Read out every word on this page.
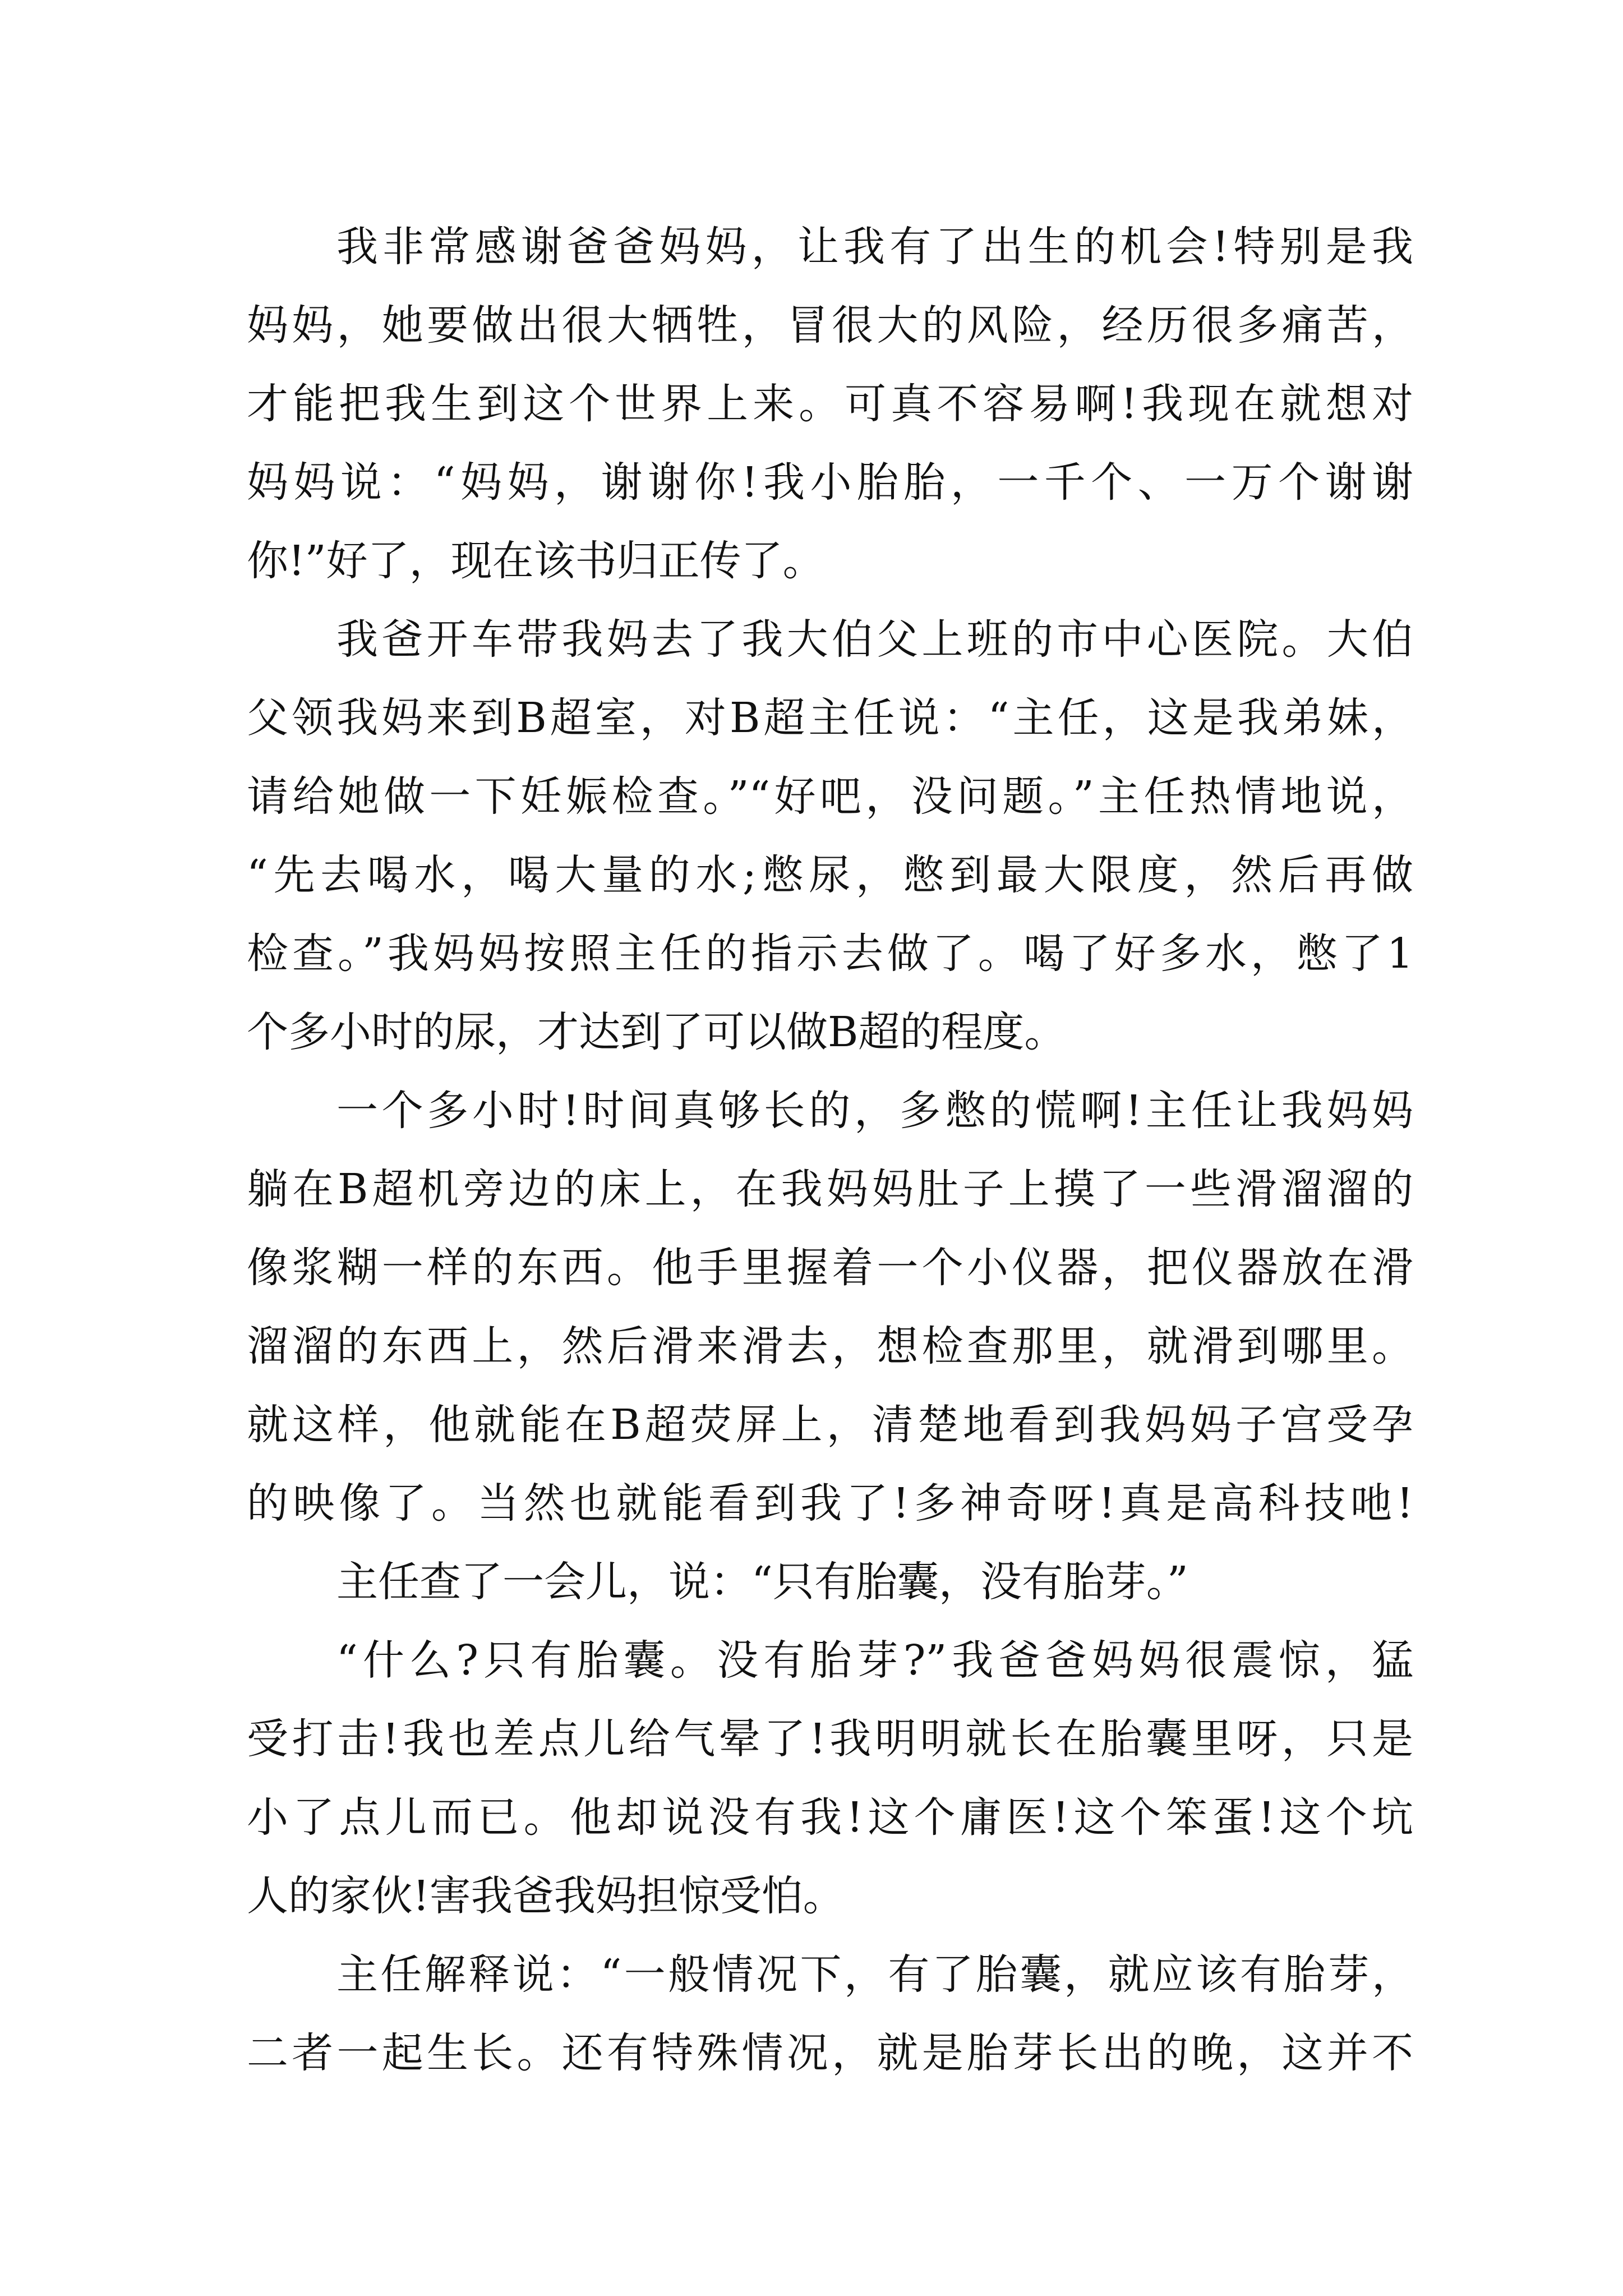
我非常感谢爸爸妈妈，让我有了出生的机会!特别是我
妈妈，她要做出很大牺牲，冒很大的风险，经历很多痛苦，
才能把我生到这个世界上来。可真不容易啊!我现在就想对
妈妈说：“妈妈，谢谢你!我小胎胎，一千个、一万个谢谢
你!”好了，现在该书归正传了。
我爸开车带我妈去了我大伯父上班的市中心医院。大伯
父领我妈来到B超室，对B超主任说：“主任，这是我弟妹，
请给她做一下妊娠检查。”“好吧，没问题。”主任热情地说，
“先去喝水，喝大量的水;憋尿，憋到最大限度，然后再做
检查。”我妈妈按照主任的指示去做了。喝了好多水，憋了1
个多小时的尿，才达到了可以做B超的程度。
一个多小时!时间真够长的，多憋的慌啊!主任让我妈妈
躺在B超机旁边的床上，在我妈妈肚子上摸了一些滑溜溜的
像浆糊一样的东西。他手里握着一个小仪器，把仪器放在滑
溜溜的东西上，然后滑来滑去，想检查那里，就滑到哪里。
就这样，他就能在B超荧屏上，清楚地看到我妈妈子宫受孕
的映像了。当然也就能看到我了!多神奇呀!真是高科技吔!
主任查了一会儿，说：“只有胎囊，没有胎芽。”
“什么?只有胎囊。没有胎芽?”我爸爸妈妈很震惊，猛
受打击!我也差点儿给气晕了!我明明就长在胎囊里呀，只是
小了点儿而已。他却说没有我!这个庸医!这个笨蛋!这个坑
人的家伙!害我爸我妈担惊受怕。
主任解释说：“一般情况下，有了胎囊，就应该有胎芽，
二者一起生长。还有特殊情况，就是胎芽长出的晚，这并不
